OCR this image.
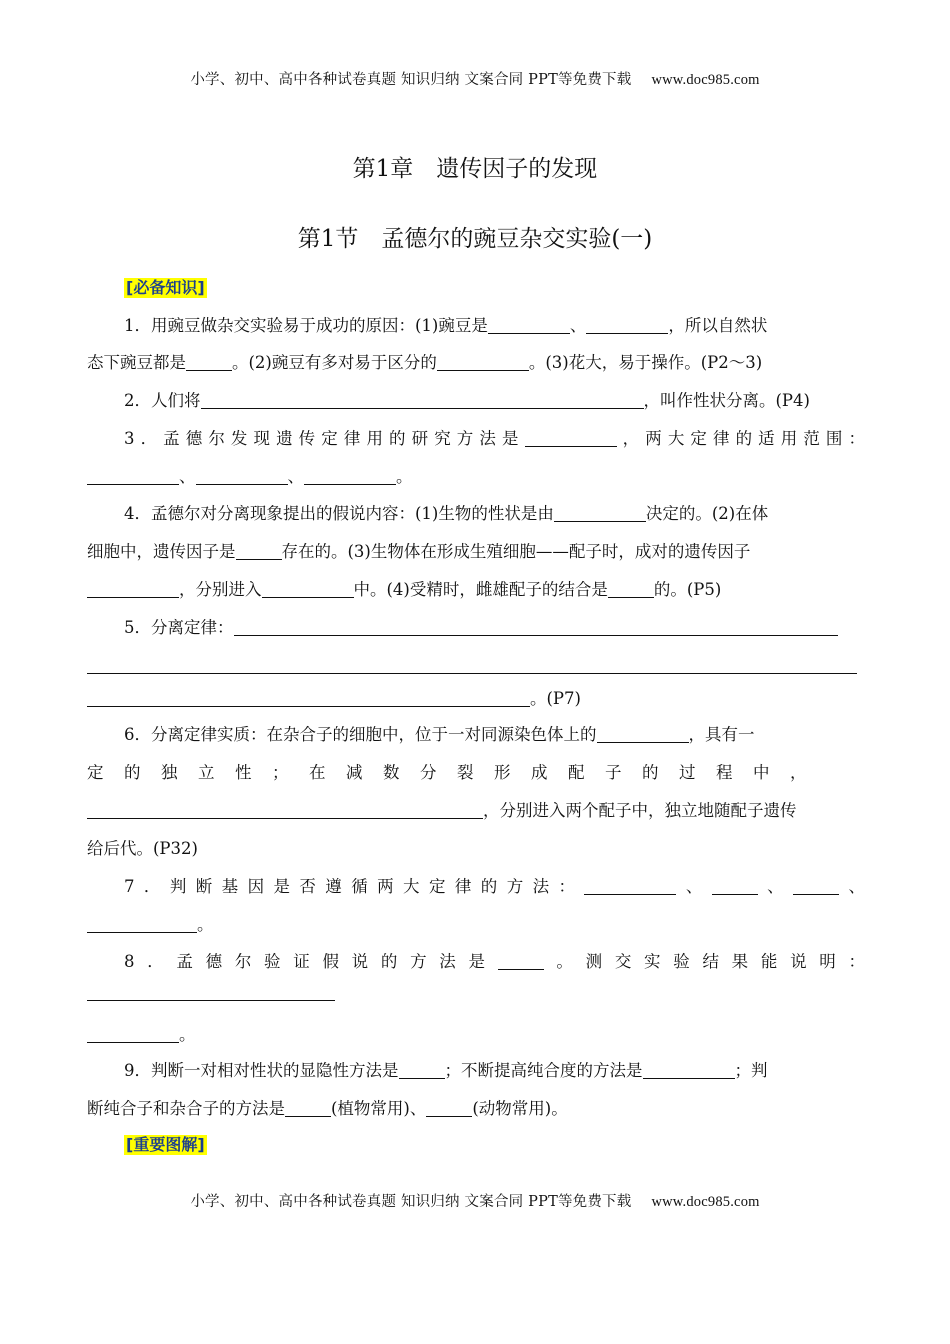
小学、初中、高中各种试卷真题 知识归纳 文案合同 PPT等免费下载 www.doc985.com
第1章　遗传因子的发现
第1节　孟德尔的豌豆杂交实验(一)
[必备知识]
1．用豌豆做杂交实验易于成功的原因：(1)豌豆是	、	，所以自然状
态下豌豆都是	。(2)豌豆有多对易于区分的	。(3)花大，易于操作。(P2～3)
2．人们将	，叫作性状分离。(P4)
3．孟德尔发现遗传定律用的研究方法是	，两大定律的适用范围：
、	、	。
4．孟德尔对分离现象提出的假说内容：(1)生物的性状是由	决定的。(2)在体
细胞中，遗传因子是	存在的。(3)生物体在形成生殖细胞——配子时，成对的遗传因子
，分别进入	中。(4)受精时，雌雄配子的结合是	的。(P5)
5．分离定律：
。(P7)
6．分离定律实质：在杂合子的细胞中，位于一对同源染色体上的	，具有一
定的独立性；在减数分裂形成配子的过程中，
，分别进入两个配子中，独立地随配子遗传
给后代。(P32)
7．判断基因是否遵循两大定律的方法：	、	、	、
。
8．孟德尔验证假说的方法是	。测交实验结果能说明：
。
9．判断一对相对性状的显隐性方法是	；不断提高纯合度的方法是	；判
断纯合子和杂合子的方法是	(植物常用)、	(动物常用)。
[重要图解]
小学、初中、高中各种试卷真题 知识归纳 文案合同 PPT等免费下载 www.doc985.com
